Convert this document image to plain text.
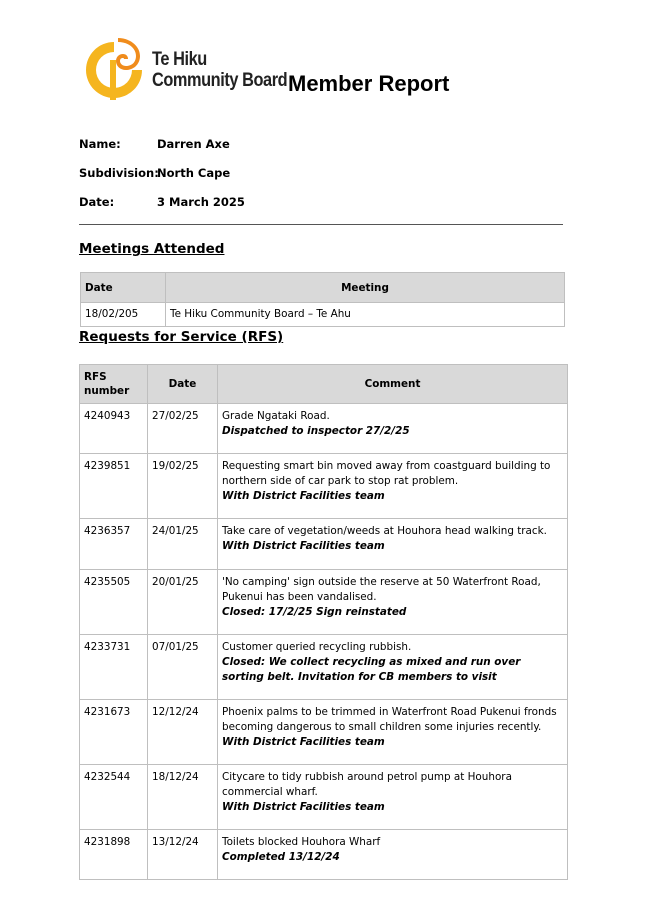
Te Hiku
Community Board Member Report
Name:	Darren Axe
Subdivision:
North Cape
Date:	3 March 2025
Meetings Attended
Date	Meeting
18/02/205	Te Hiku Community Board – Te Ahu
Requests for Service (RFS)
RFS number	Date	Comment
4240943	27/02/25	Grade Ngataki Road.
Dispatched to inspector 27/2/25

4239851	19/02/25	Requesting smart bin moved away from coastguard building to northern side of car park to stop rat problem.
With District Facilities team

4236357	24/01/25	Take care of vegetation/weeds at Houhora head walking track.
With District Facilities team

4235505	20/01/25	'No camping' sign outside the reserve at 50 Waterfront Road, Pukenui has been vandalised.
Closed: 17/2/25 Sign reinstated

4233731	07/01/25	Customer queried recycling rubbish.
Closed: We collect recycling as mixed and run over sorting belt. Invitation for CB members to visit

4231673	12/12/24	Phoenix palms to be trimmed in Waterfront Road Pukenui fronds becoming dangerous to small children some injuries recently.
With District Facilities team

4232544	18/12/24	Citycare to tidy rubbish around petrol pump at Houhora commercial wharf.
With District Facilities team

4231898	13/12/24	Toilets blocked Houhora Wharf
Completed 13/12/24
